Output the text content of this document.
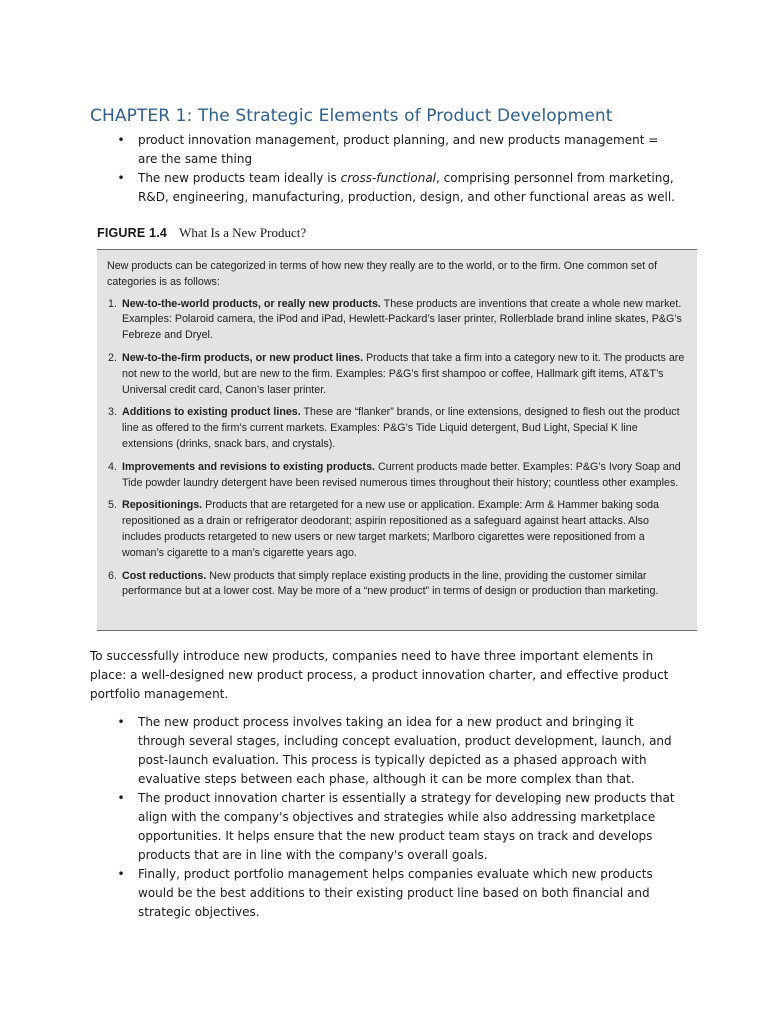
CHAPTER 1: The Strategic Elements of Product Development
• product innovation management, product planning, and new products management = are the same thing
• The new products team ideally is cross-functional, comprising personnel from marketing, R&D, engineering, manufacturing, production, design, and other functional areas as well.
FIGURE 1.4 What Is a New Product?

New products can be categorized in terms of how new they really are to the world, or to the firm. One common set of categories is as follows:

1. New-to-the-world products, or really new products. These products are inventions that create a whole new market. Examples: Polaroid camera, the iPod and iPad, Hewlett-Packard’s laser printer, Rollerblade brand inline skates, P&G’s Febreze and Dryel.
2. New-to-the-firm products, or new product lines. Products that take a firm into a category new to it. The products are not new to the world, but are new to the firm. Examples: P&G’s first shampoo or coffee, Hallmark gift items, AT&T’s Universal credit card, Canon’s laser printer.
3. Additions to existing product lines. These are “flanker” brands, or line extensions, designed to flesh out the product line as offered to the firm’s current markets. Examples: P&G’s Tide Liquid detergent, Bud Light, Special K line extensions (drinks, snack bars, and crystals).
4. Improvements and revisions to existing products. Current products made better. Examples: P&G’s Ivory Soap and Tide powder laundry detergent have been revised numerous times throughout their history; countless other examples.
5. Repositionings. Products that are retargeted for a new use or application. Example: Arm & Hammer baking soda repositioned as a drain or refrigerator deodorant; aspirin repositioned as a safeguard against heart attacks. Also includes products retargeted to new users or new target markets; Marlboro cigarettes were repositioned from a woman’s cigarette to a man’s cigarette years ago.
6. Cost reductions. New products that simply replace existing products in the line, providing the customer similar performance but at a lower cost. May be more of a “new product” in terms of design or production than marketing.
To successfully introduce new products, companies need to have three important elements in place: a well-designed new product process, a product innovation charter, and effective product portfolio management.
• The new product process involves taking an idea for a new product and bringing it through several stages, including concept evaluation, product development, launch, and post-launch evaluation. This process is typically depicted as a phased approach with evaluative steps between each phase, although it can be more complex than that.
• The product innovation charter is essentially a strategy for developing new products that align with the company's objectives and strategies while also addressing marketplace opportunities. It helps ensure that the new product team stays on track and develops products that are in line with the company's overall goals.
• Finally, product portfolio management helps companies evaluate which new products would be the best additions to their existing product line based on both financial and strategic objectives.
